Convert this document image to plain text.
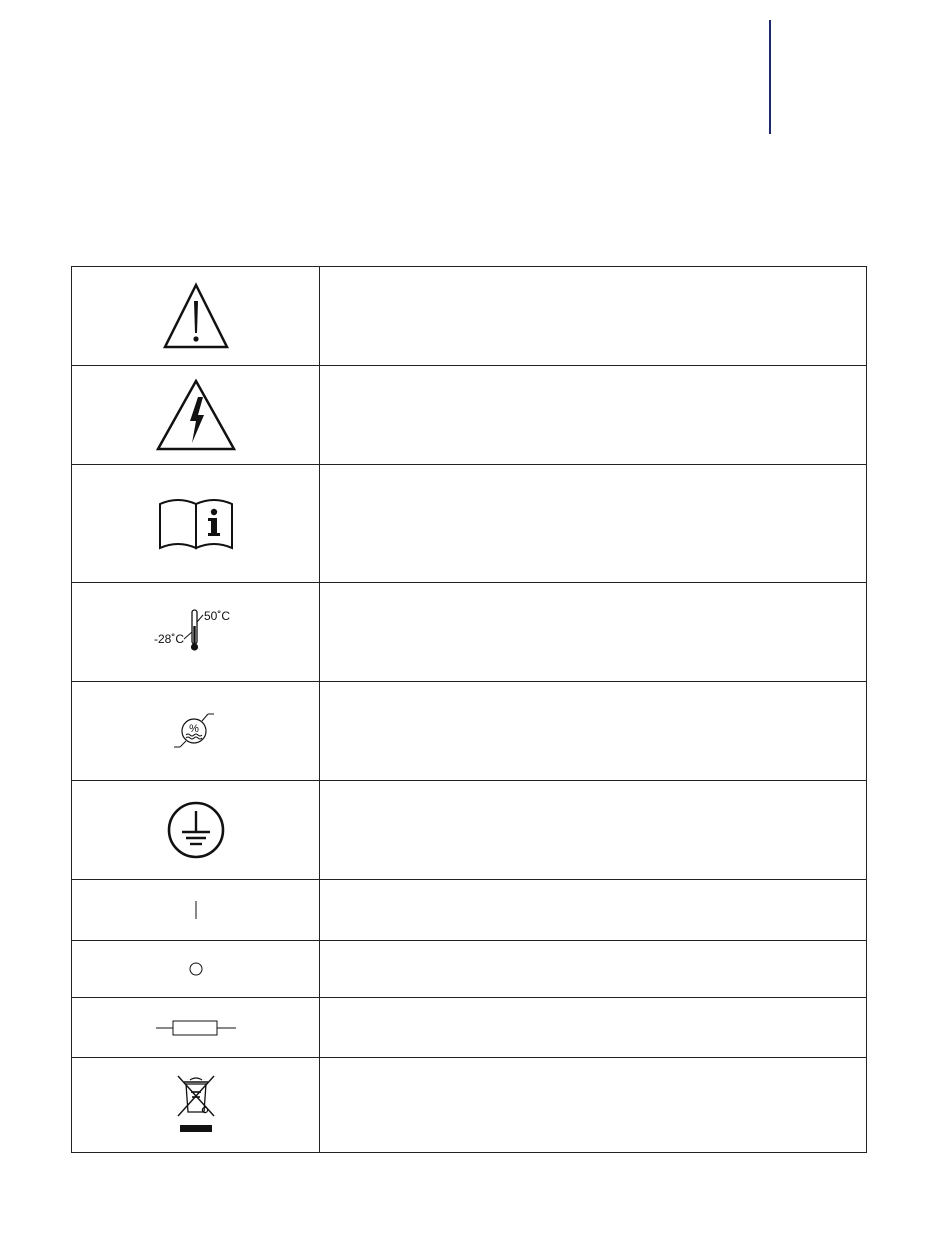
50˚C
-28˚C	

%	
